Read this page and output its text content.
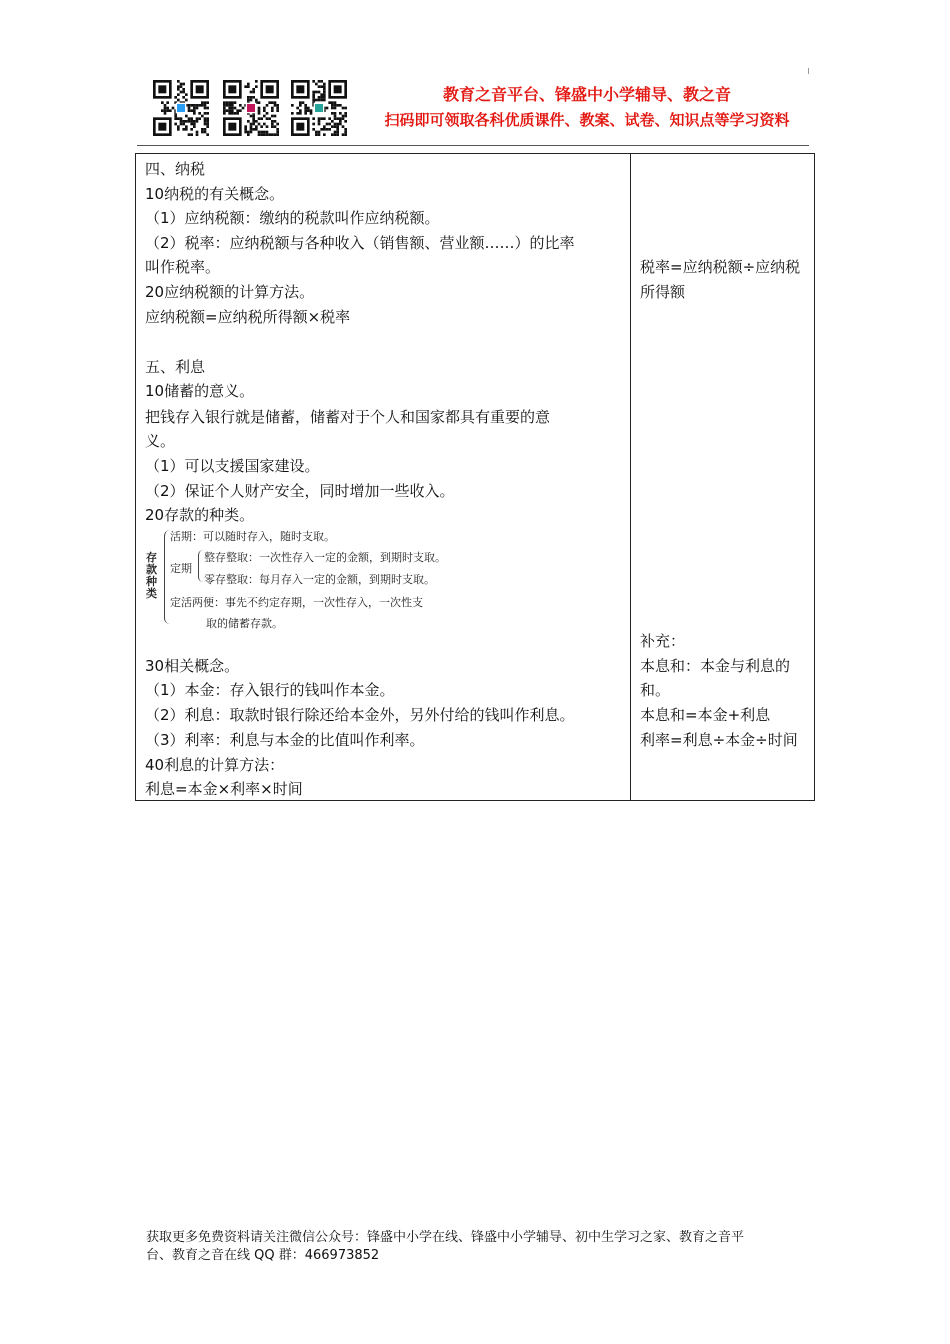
教育之音平台、锋盛中小学辅导、教之音
扫码即可领取各科优质课件、教案、试卷、知识点等学习资料
四、纳税
10纳税的有关概念。
（1）应纳税额：缴纳的税款叫作应纳税额。
（2）税率：应纳税额与各种收入（销售额、营业额……）的比率
叫作税率。
20应纳税额的计算方法。
应纳税额=应纳税所得额×税率
五、利息
10储蓄的意义。
把钱存入银行就是储蓄，储蓄对于个人和国家都具有重要的意
义。
（1）可以支援国家建设。
（2）保证个人财产安全，同时增加一些收入。
20存款的种类。
存款种类
活期：可以随时存入，随时支取。
定期
整存整取：一次性存入一定的金额，到期时支取。
零存整取：每月存入一定的金额，到期时支取。
定活两便：事先不约定存期，一次性存入，一次性支
取的储蓄存款。
30相关概念。
（1）本金：存入银行的钱叫作本金。
（2）利息：取款时银行除还给本金外，另外付给的钱叫作利息。
（3）利率：利息与本金的比值叫作利率。
40利息的计算方法：
利息=本金×利率×时间
税率=应纳税额÷应纳税
所得额
补充：
本息和：本金与利息的
和。
本息和=本金+利息
利率=利息÷本金÷时间
获取更多免费资料请关注微信公众号：锋盛中小学在线、锋盛中小学辅导、初中生学习之家、教育之音平
台、教育之音在线 QQ 群：466973852
